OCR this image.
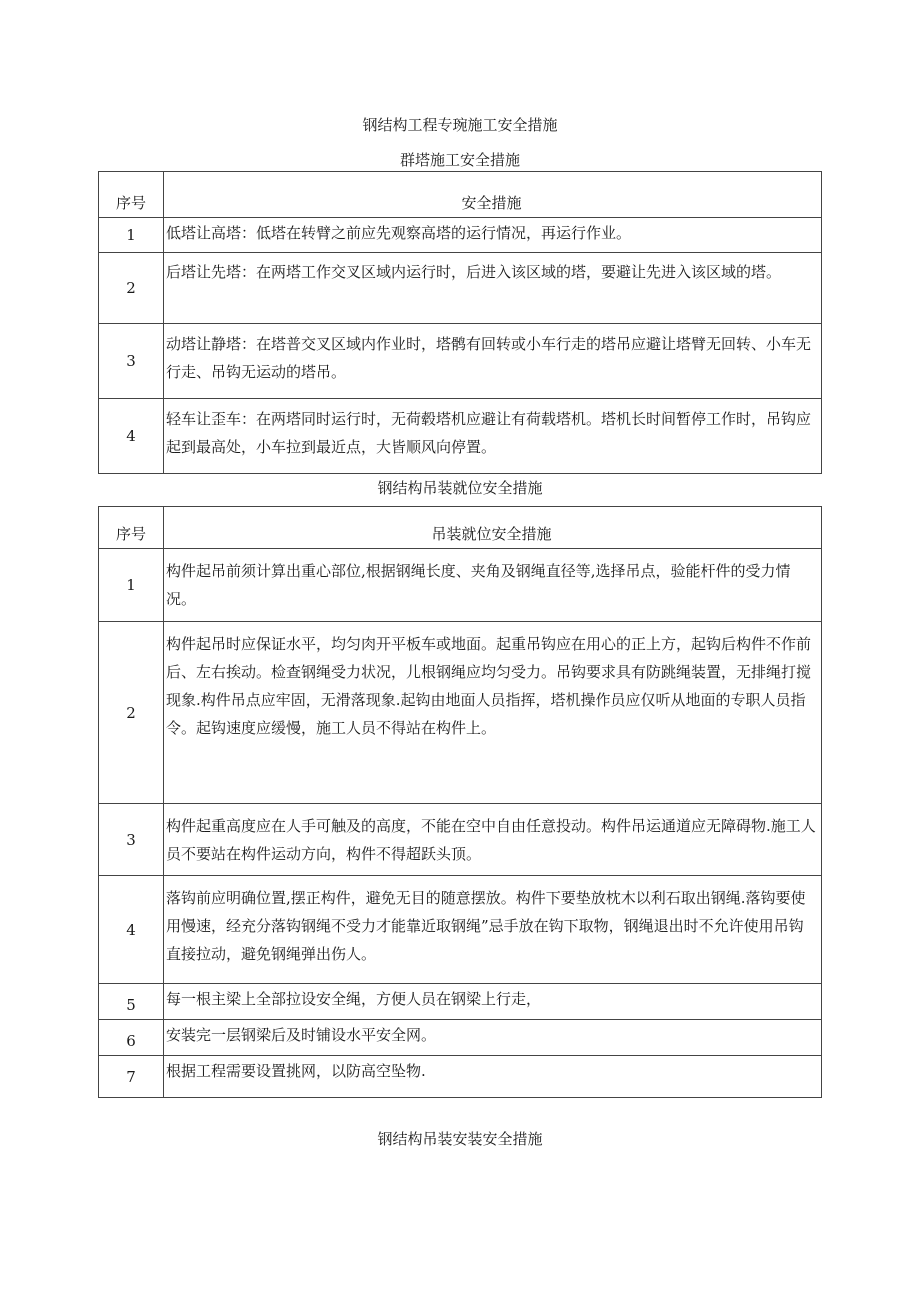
钢结构工程专琬施工安全措施
群塔施工安全措施
序号	安全措施
1	低塔让高塔：低塔在转臂之前应先观察高塔的运行情况，再运行作业。
2	后塔让先塔：在两塔工作交叉区域内运行时，后进入该区域的塔，要避让先进入该区域的塔。
3	动塔让静塔：在塔普交叉区域内作业时，塔鹘有回转或小车行走的塔吊应避让塔臂无回转、小车无行走、吊钩无运动的塔吊。
4	轻车让歪车：在两塔同时运行时，无荷毂塔机应避让有荷载塔机。塔机长时间暂停工作时，吊钩应起到最高处，小车拉到最近点，大皆顺风向停置。
钢结构吊装就位安全措施
序号	吊装就位安全措施
1	构件起吊前须计算出重心部位,根据钢绳长度、夹角及钢绳直径等,选择吊点，验能杆件的受力情况。
2	构件起吊时应保证水平，均匀肉开平板车或地面。起重吊钩应在用心的正上方，起钩后构件不作前后、左右挨动。检查钢绳受力状况，儿根钢绳应均匀受力。吊钩要求具有防跳绳装置，无排绳打搅现象.构件吊点应牢固，无滑落现象.起钩由地面人员指挥，塔机操作员应仅听从地面的专职人员指令。起钩速度应缓慢，施工人员不得站在构件上。
3	构件起重高度应在人手可触及的高度，不能在空中自由任意投动。构件吊运通道应无障碍物.施工人员不要站在构件运动方向，构件不得超跃头顶。
4	落钩前应明确位置,摆正构件，避免无目的随意摆放。构件下要垫放枕木以利石取出钢绳.落钩要使用慢速，经充分落钩钢绳不受力才能靠近取钢绳”忌手放在钩下取物，钢绳退出时不允许使用吊钩直接拉动，避免钢绳弹出伤人。
5	每一根主梁上全部拉设安全绳，方便人员在钢梁上行走，
6	安装完一层钢梁后及时铺设水平安全网。
7	根据工程需要设置挑网，以防高空坠物.
钢结构吊装安装安全措施
